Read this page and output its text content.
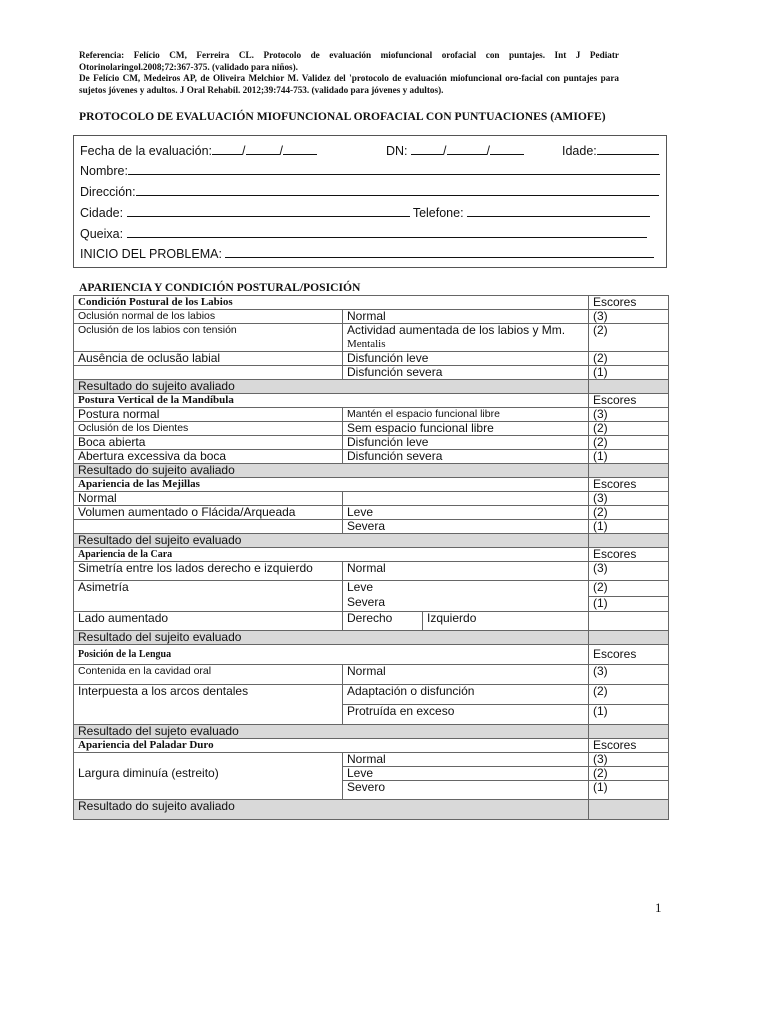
Referencia: Felício CM, Ferreira CL. Protocolo de evaluación miofuncional orofacial con puntajes. Int J Pediatr Otorinolaringol.2008;72:367-375. (validado para niños).

De Felício CM, Medeiros AP, de Oliveira Melchior M. Validez del 'protocolo de evaluación miofuncional oro-facial con puntajes para sujetos jóvenes y adultos. J Oral Rehabil. 2012;39:744-753. (validado para jóvenes y adultos).

PROTOCOLO DE EVALUACIÓN MIOFUNCIONAL OROFACIAL CON PUNTUACIONES (AMIOFE)
Fecha de la evaluación: /	/	DN:	/	/	Idade:
Nombre:
Dirección:
Cidade:	Telefone:
Queixa:
INICIO DEL PROBLEMA:
APARIENCIA Y CONDICIÓN POSTURAL/POSICIÓN
Condición Postural de los Labios			Escores
Oclusión normal de los labios	Normal		(3)
Oclusión de los labios con tensión	Actividad aumentada de los labios y Mm.
Mentalis		(2)
Ausência de oclusão labial	Disfunción leve		(2)
	Disfunción severa		(1)
Resultado do sujeito avaliado			
Postura Vertical de la Mandíbula			Escores
Postura normal	Mantén el espacio funcional libre		(3)
Oclusión de los Dientes	Sem espacio funcional libre		(2)
Boca abierta	Disfunción leve		(2)
Abertura excessiva da boca	Disfunción severa		(1)
Resultado do sujeito avaliado			
Apariencia de las Mejillas			Escores
Normal			(3)
Volumen aumentado o Flácida/Arqueada	Leve		(2)
	Severa		(1)
Resultado del sujeito evaluado			
Apariencia de la Cara			Escores
Simetría entre los lados derecho e izquierdo	Normal		(3)
Asimetría	Leve		(2)
	Severa		(1)
Lado aumentado	Derecho	Izquierdo	
Resultado del sujeito evaluado			
Posición de la Lengua			Escores
Contenida en la cavidad oral	Normal		(3)
Interpuesta a los arcos dentales	Adaptación o disfunción		(2)
	Protruída en exceso		(1)
Resultado del sujeto evaluado			
Apariencia del Paladar Duro			Escores
Largura diminuía (estreito)	Normal		(3)
	Leve		(2)
	Severo		(1)
Resultado do sujeito avaliado			
1
